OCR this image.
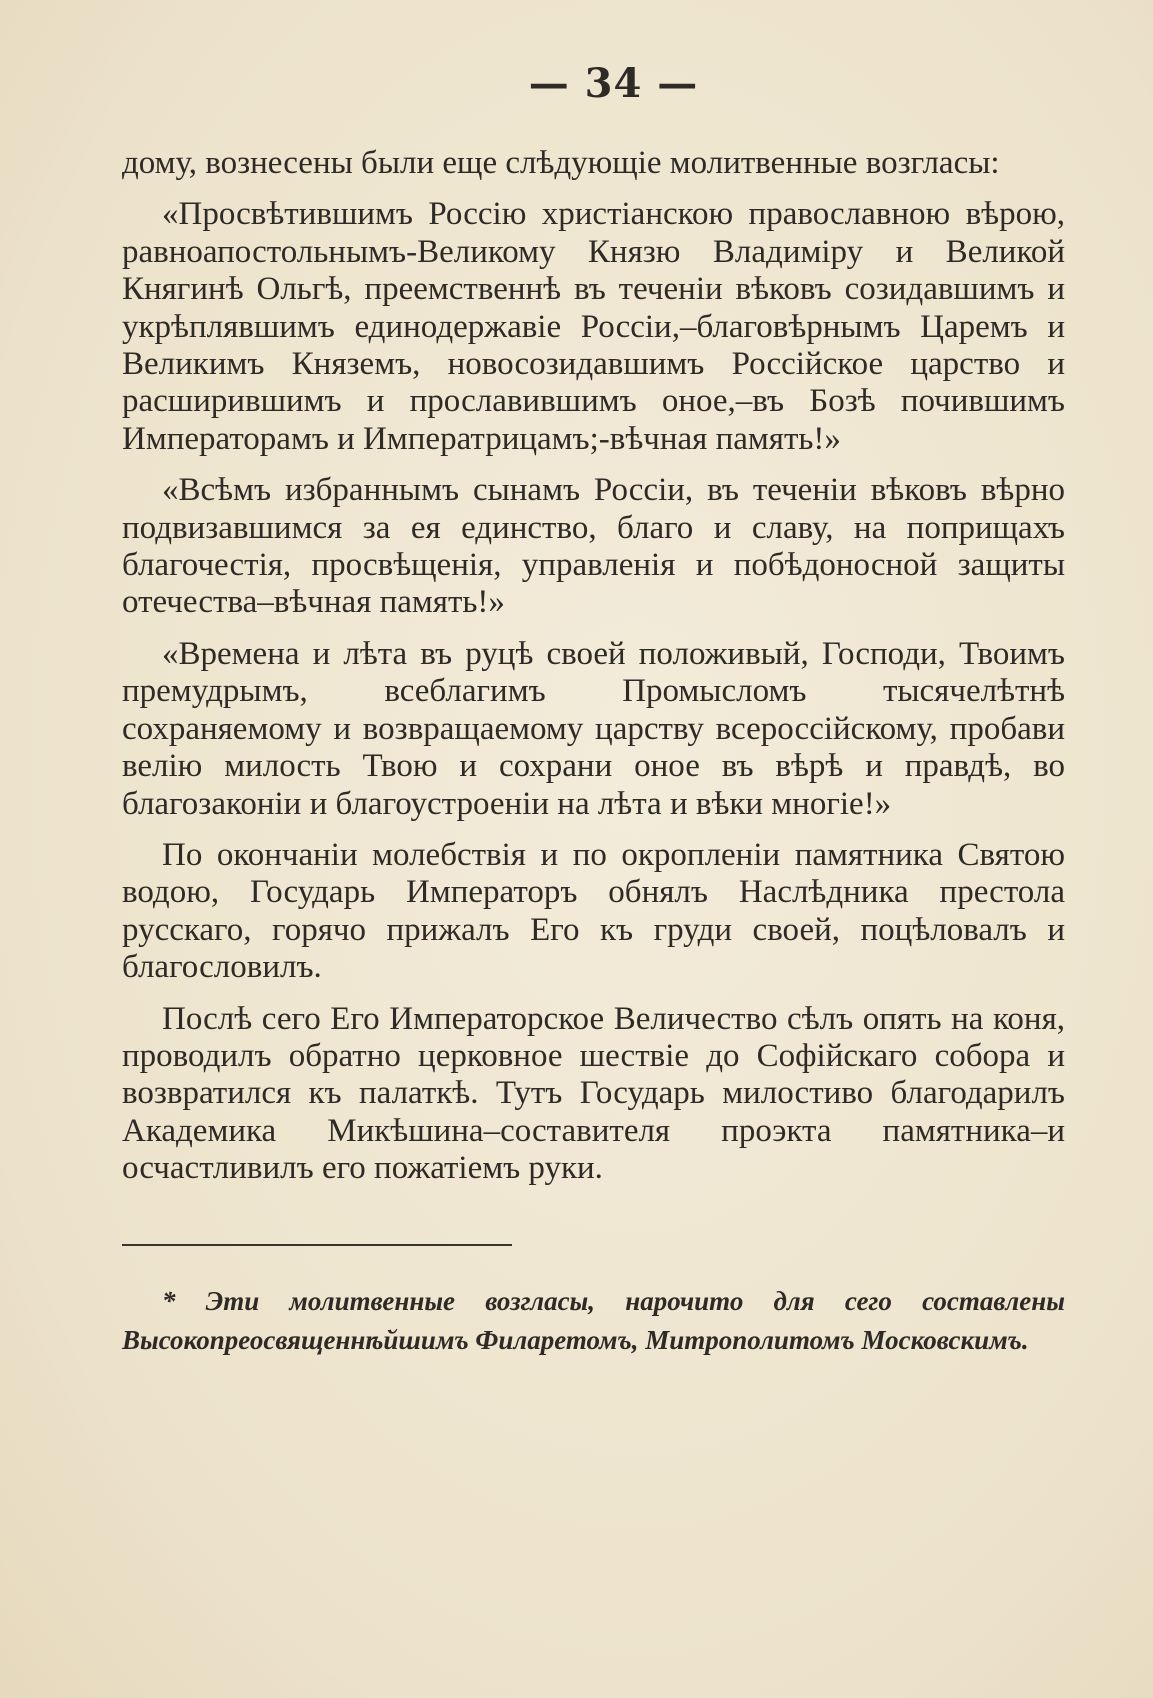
— 34 —

дому, вознесены были еще слѣдующіе молитвенные возгласы:

«Просвѣтившимъ Россію христіанскою православною вѣрою, равноапостольнымъ-Великому Князю Владиміру и Великой Княгинѣ Ольгѣ, преемственнѣ въ теченіи вѣковъ созидавшимъ и укрѣплявшимъ единодержавіе Россіи,–благовѣрнымъ Царемъ и Великимъ Княземъ, новосозидавшимъ Россійское царство и расширившимъ и прославившимъ оное,–въ Бозѣ почившимъ Императорамъ и Императрицамъ;-вѣчная память!»

«Всѣмъ избраннымъ сынамъ Россіи, въ теченіи вѣковъ вѣрно подвизавшимся за ея единство, благо и славу, на поприщахъ благочестія, просвѣщенія, управленія и побѣдоносной защиты отечества–вѣчная память!»

«Времена и лѣта въ руцѣ своей положивый, Господи, Твоимъ премудрымъ, всеблагимъ Промысломъ тысячелѣтнѣ сохраняемому и возвращаемому царству всероссійскому, пробави велію милость Твою и сохрани оное въ вѣрѣ и правдѣ, во благозаконіи и благоустроеніи на лѣта и вѣки многіе!»

По окончаніи молебствія и по окропленіи памятника Святою водою, Государь Императоръ обнялъ Наслѣдника престола русскаго, горячо прижалъ Его къ груди своей, поцѣловалъ и благословилъ.

Послѣ сего Его Императорское Величество сѣлъ опять на коня, проводилъ обратно церковное шествіе до Софійскаго собора и возвратился къ палаткѣ. Тутъ Государь милостиво благодарилъ Академика Микѣшина–составителя проэкта памятника–и осчастливилъ его пожатіемъ руки.

* Эти молитвенные возгласы, нарочито для сего составлены Высокопреосвященнѣйшимъ Филаретомъ, Митрополитомъ Московскимъ.
